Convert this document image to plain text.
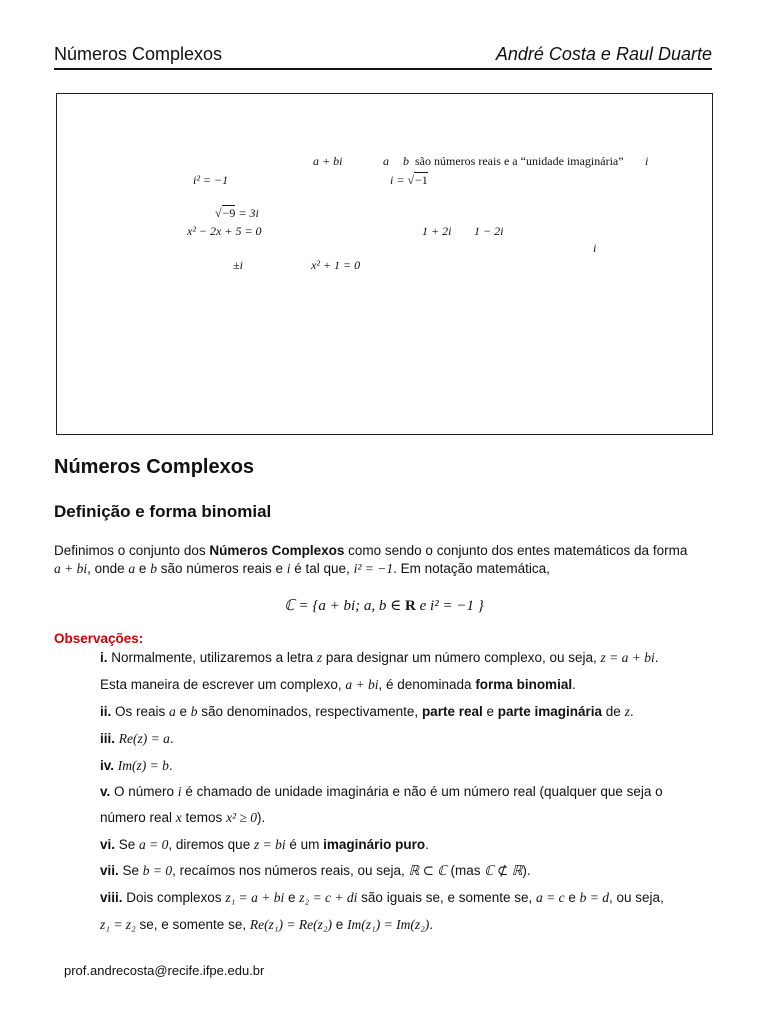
Números Complexos	André Costa e Raul Duarte
a + bi	a b são números reais e a “unidade imaginária” i
i² = −1	i = √−1
√−9 = 3i
x² − 2x + 5 = 0	1 + 2i 1 − 2i
i
±i	x² + 1 = 0
Números Complexos
Definição e forma binomial
Definimos o conjunto dos Números Complexos como sendo o conjunto dos entes matemáticos da forma
a + bi, onde a e b são números reais e i é tal que, i² = −1. Em notação matemática,
ℂ = {a + bi; a, b ∈ R e i² = −1 }
Observações:
i. Normalmente, utilizaremos a letra z para designar um número complexo, ou seja, z = a + bi.
Esta maneira de escrever um complexo, a + bi, é denominada forma binomial.
ii. Os reais a e b são denominados, respectivamente, parte real e parte imaginária de z.
iii. Re(z) = a.
iv. Im(z) = b.
v. O número i é chamado de unidade imaginária e não é um número real (qualquer que seja o
número real x temos x² ≥ 0).
vi. Se a = 0, diremos que z = bi é um imaginário puro.
vii. Se b = 0, recaímos nos números reais, ou seja, ℝ ⊂ ℂ (mas ℂ ⊄ ℝ).
viii. Dois complexos z₁ = a + bi e z₂ = c + di são iguais se, e somente se, a = c e b = d, ou seja,
z₁ = z₂ se, e somente se, Re(z₁) = Re(z₂) e Im(z₁) = Im(z₂).
prof.andrecosta@recife.ifpe.edu.br
